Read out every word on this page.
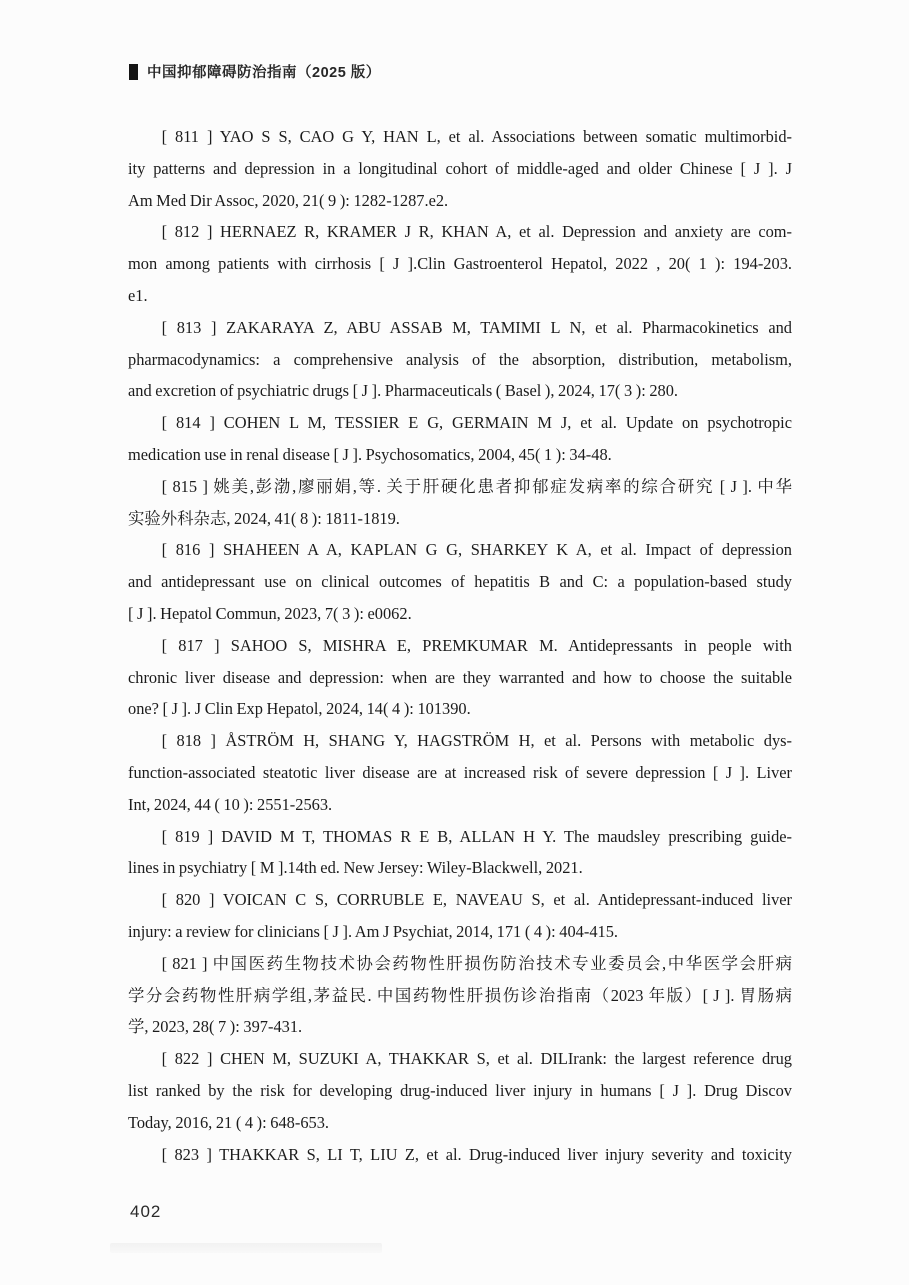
中国抑郁障碍防治指南（2025 版）

[ 811 ] YAO S S, CAO G Y, HAN L, et al. Associations between somatic multimorbid-
ity patterns and depression in a longitudinal cohort of middle-aged and older Chinese [ J ]. J
Am Med Dir Assoc, 2020, 21( 9 ): 1282-1287.e2.

[ 812 ] HERNAEZ R, KRAMER J R, KHAN A, et al. Depression and anxiety are com-
mon among patients with cirrhosis [ J ].Clin Gastroenterol Hepatol, 2022 , 20( 1 ): 194-203.
e1.

[ 813 ] ZAKARAYA Z, ABU ASSAB M, TAMIMI L N, et al. Pharmacokinetics and
pharmacodynamics: a comprehensive analysis of the absorption, distribution, metabolism,
and excretion of psychiatric drugs [ J ]. Pharmaceuticals ( Basel ), 2024, 17( 3 ): 280.

[ 814 ] COHEN L M, TESSIER E G, GERMAIN M J, et al. Update on psychotropic
medication use in renal disease [ J ]. Psychosomatics, 2004, 45( 1 ): 34-48.

[ 815 ] 姚美,彭渤,廖丽娟,等. 关于肝硬化患者抑郁症发病率的综合研究 [ J ]. 中华
实验外科杂志, 2024, 41( 8 ): 1811-1819.

[ 816 ] SHAHEEN A A, KAPLAN G G, SHARKEY K A, et al. Impact of depression
and antidepressant use on clinical outcomes of hepatitis B and C: a population-based study
[ J ]. Hepatol Commun, 2023, 7( 3 ): e0062.

[ 817 ] SAHOO S, MISHRA E, PREMKUMAR M. Antidepressants in people with
chronic liver disease and depression: when are they warranted and how to choose the suitable
one? [ J ]. J Clin Exp Hepatol, 2024, 14( 4 ): 101390.

[ 818 ] ÅSTRÖM H, SHANG Y, HAGSTRÖM H, et al. Persons with metabolic dys-
function-associated steatotic liver disease are at increased risk of severe depression [ J ]. Liver
Int, 2024, 44 ( 10 ): 2551-2563.

[ 819 ] DAVID M T, THOMAS R E B, ALLAN H Y. The maudsley prescribing guide-
lines in psychiatry [ M ].14th ed. New Jersey: Wiley-Blackwell, 2021.

[ 820 ] VOICAN C S, CORRUBLE E, NAVEAU S, et al. Antidepressant-induced liver
injury: a review for clinicians [ J ]. Am J Psychiat, 2014, 171 ( 4 ): 404-415.

[ 821 ] 中国医药生物技术协会药物性肝损伤防治技术专业委员会,中华医学会肝病
学分会药物性肝病学组,茅益民. 中国药物性肝损伤诊治指南（2023 年版）[ J ]. 胃肠病
学, 2023, 28( 7 ): 397-431.

[ 822 ] CHEN M, SUZUKI A, THAKKAR S, et al. DILIrank: the largest reference drug
list ranked by the risk for developing drug-induced liver injury in humans [ J ]. Drug Discov
Today, 2016, 21 ( 4 ): 648-653.

[ 823 ] THAKKAR S, LI T, LIU Z, et al. Drug-induced liver injury severity and toxicity

402
